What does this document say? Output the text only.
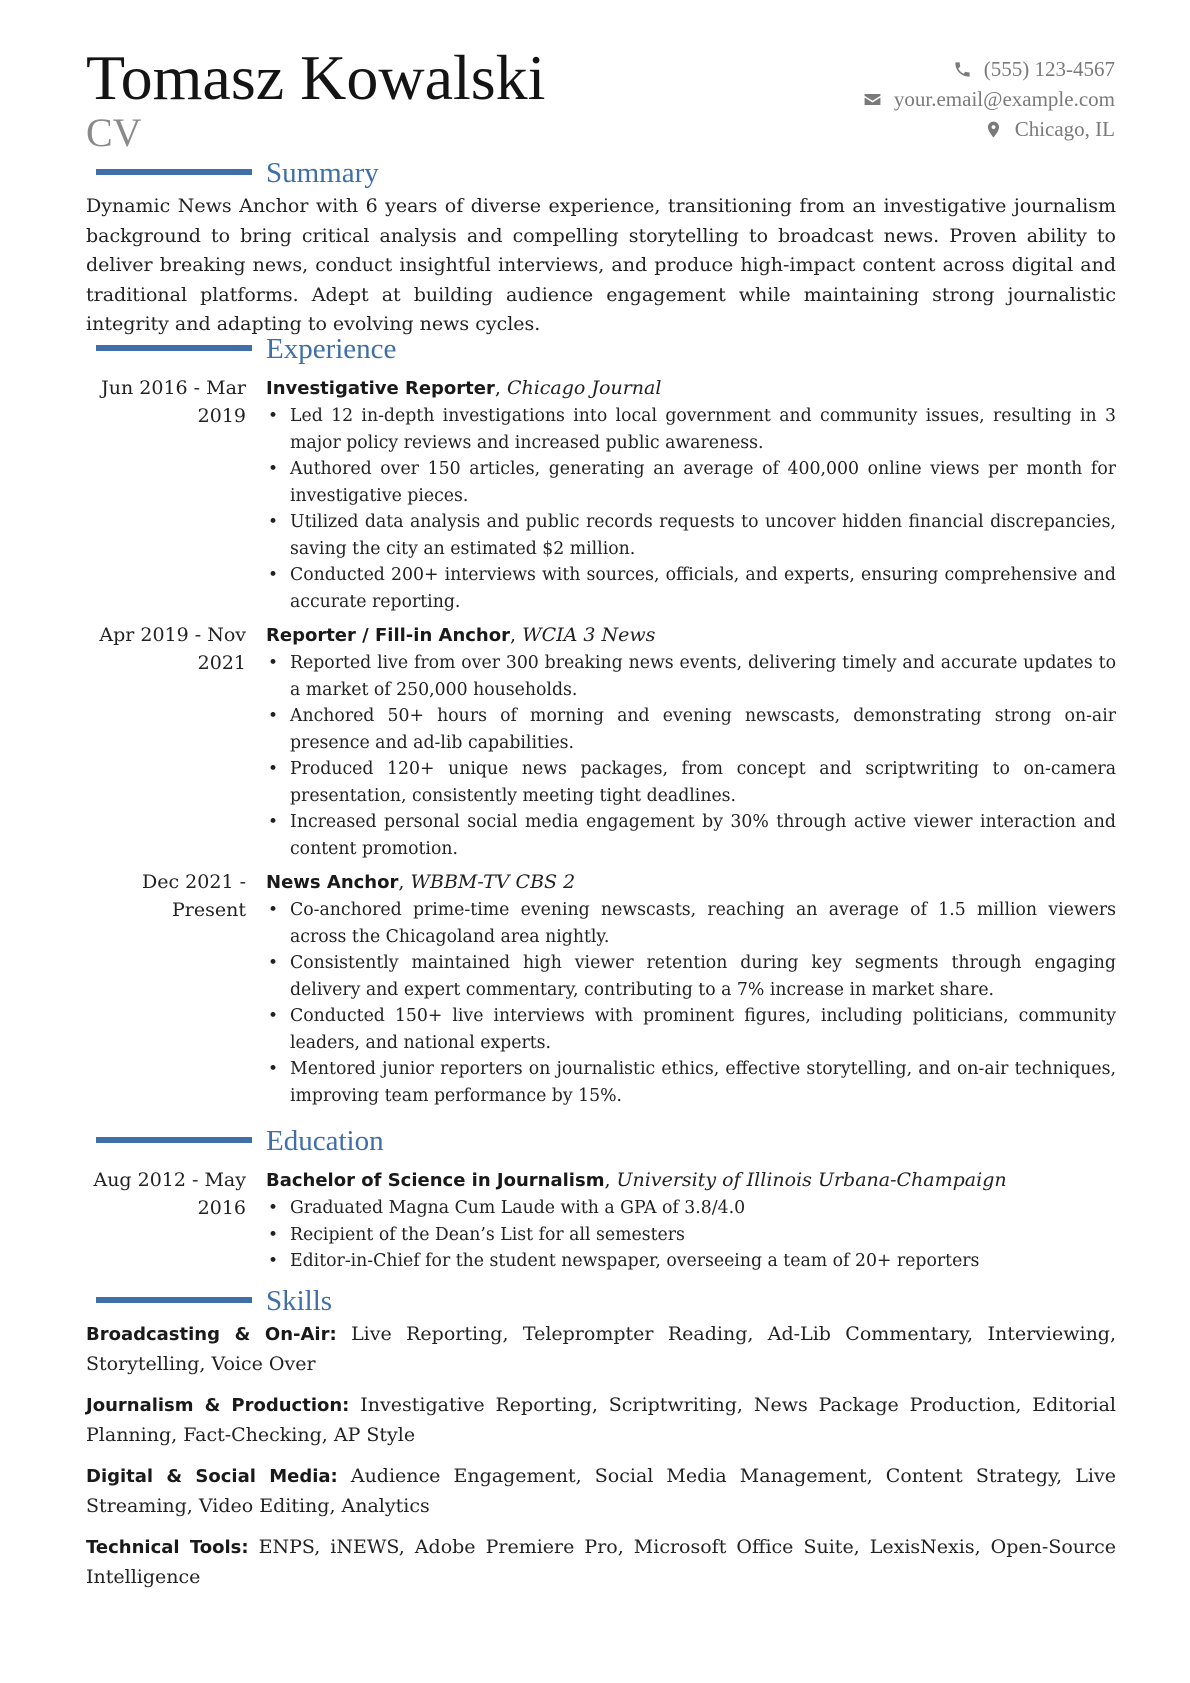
Tomasz Kowalski
CV
(555) 123-4567
your.email@example.com
Chicago, IL
Summary

Dynamic News Anchor with 6 years of diverse experience, transitioning from an investigative journalism background to bring critical analysis and compelling storytelling to broadcast news. Proven ability to deliver breaking news, conduct insightful interviews, and produce high-impact content across digital and traditional platforms. Adept at building audience engagement while maintaining strong journalistic integrity and adapting to evolving news cycles.

Experience
Jun 2016 - Mar 2019
Investigative Reporter, Chicago Journal
• Led 12 in-depth investigations into local government and community issues, resulting in 3 major policy reviews and increased public awareness.
• Authored over 150 articles, generating an average of 400,000 online views per month for investigative pieces.
• Utilized data analysis and public records requests to uncover hidden financial discrepancies, saving the city an estimated $2 million.
• Conducted 200+ interviews with sources, officials, and experts, ensuring comprehensive and accurate reporting.
Apr 2019 - Nov 2021
Reporter / Fill-in Anchor, WCIA 3 News
• Reported live from over 300 breaking news events, delivering timely and accurate updates to a market of 250,000 households.
• Anchored 50+ hours of morning and evening newscasts, demonstrating strong on-air presence and ad-lib capabilities.
• Produced 120+ unique news packages, from concept and scriptwriting to on-camera presentation, consistently meeting tight deadlines.
• Increased personal social media engagement by 30% through active viewer interaction and content promotion.
Dec 2021 - Present
News Anchor, WBBM-TV CBS 2
• Co-anchored prime-time evening newscasts, reaching an average of 1.5 million viewers across the Chicagoland area nightly.
• Consistently maintained high viewer retention during key segments through engaging delivery and expert commentary, contributing to a 7% increase in market share.
• Conducted 150+ live interviews with prominent figures, including politicians, community leaders, and national experts.
• Mentored junior reporters on journalistic ethics, effective storytelling, and on-air techniques, improving team performance by 15%.
Education
Aug 2012 - May 2016
Bachelor of Science in Journalism, University of Illinois Urbana-Champaign
• Graduated Magna Cum Laude with a GPA of 3.8/4.0
• Recipient of the Dean’s List for all semesters
• Editor-in-Chief for the student newspaper, overseeing a team of 20+ reporters
Skills

Broadcasting & On-Air: Live Reporting, Teleprompter Reading, Ad-Lib Commentary, Interviewing, Storytelling, Voice Over

Journalism & Production: Investigative Reporting, Scriptwriting, News Package Production, Editorial Planning, Fact-Checking, AP Style

Digital & Social Media: Audience Engagement, Social Media Management, Content Strategy, Live Streaming, Video Editing, Analytics

Technical Tools: ENPS, iNEWS, Adobe Premiere Pro, Microsoft Office Suite, LexisNexis, Open-Source Intelligence
